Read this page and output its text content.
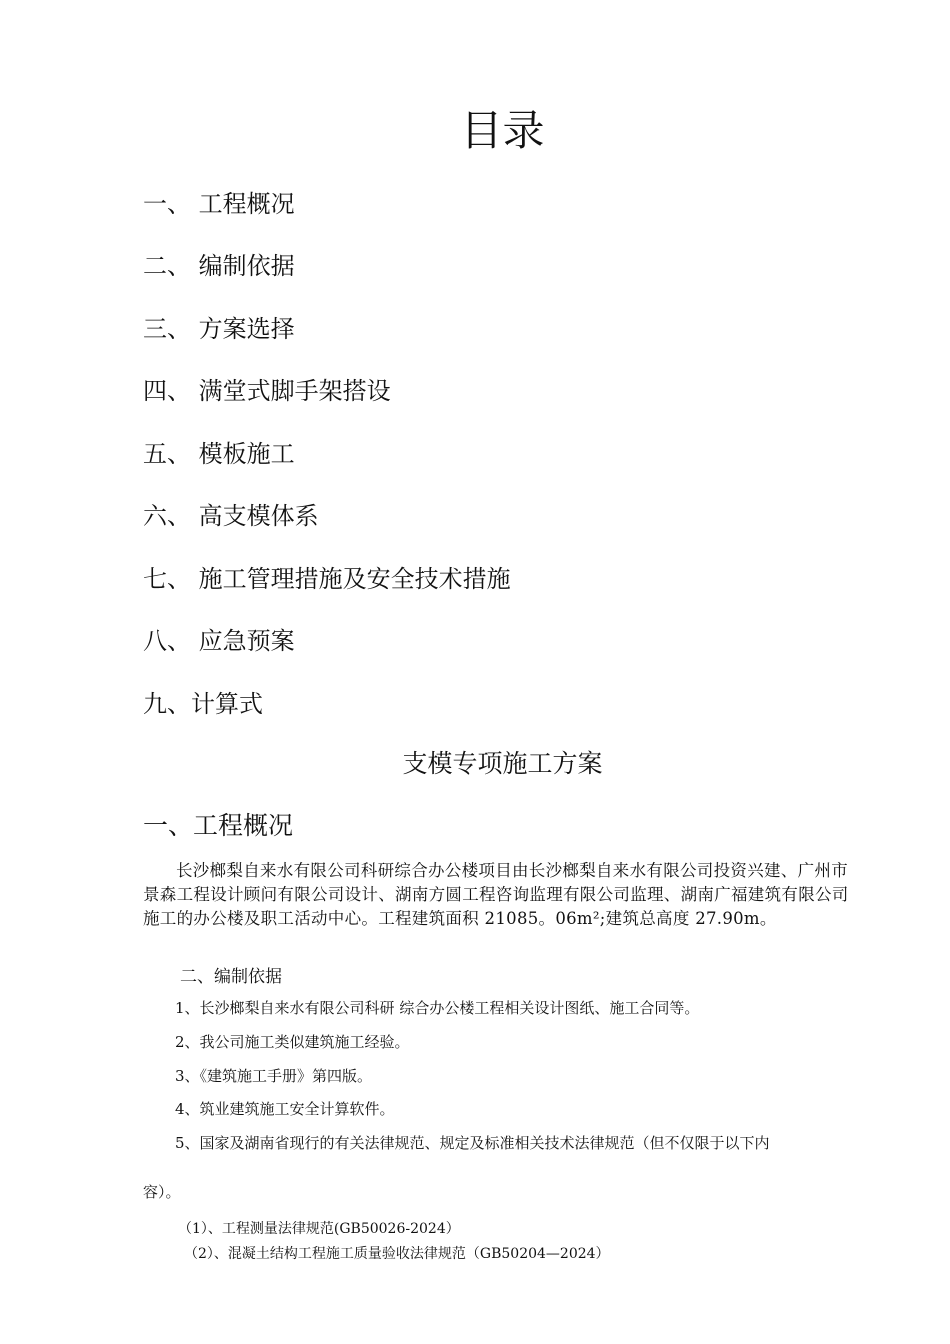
目录
一、 工程概况
二、 编制依据
三、 方案选择
四、 满堂式脚手架搭设
五、 模板施工
六、 高支模体系
七、 施工管理措施及安全技术措施
八、 应急预案
九、计算式
支模专项施工方案
一、工程概况
长沙榔梨自来水有限公司科研综合办公楼项目由长沙榔梨自来水有限公司投资兴建、广州市景森工程设计顾问有限公司设计、湖南方圆工程咨询监理有限公司监理、湖南广福建筑有限公司施工的办公楼及职工活动中心。工程建筑面积 21085。06m²;建筑总高度 27.90m。
二、编制依据
1、长沙榔梨自来水有限公司科研 综合办公楼工程相关设计图纸、施工合同等。
2、我公司施工类似建筑施工经验。
3、《建筑施工手册》第四版。
4、筑业建筑施工安全计算软件。
5、国家及湖南省现行的有关法律规范、规定及标准相关技术法律规范（但不仅限于以下内
容）。
（1）、工程测量法律规范(GB50026-2024）
（2）、混凝土结构工程施工质量验收法律规范（GB50204—2024）
